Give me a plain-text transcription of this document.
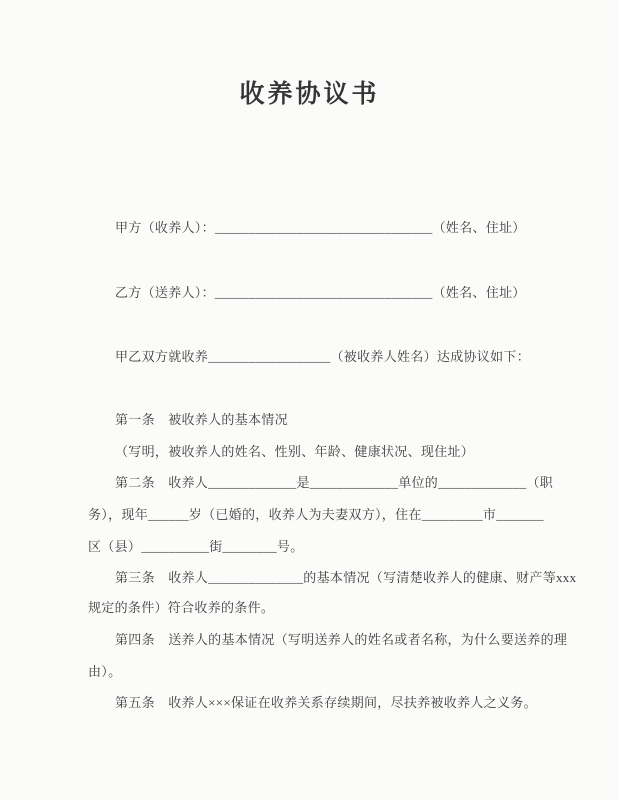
收养协议书

甲方（收养人）：________________________________（姓名、住址）

乙方（送养人）：________________________________（姓名、住址）

甲乙双方就收养__________________（被收养人姓名）达成协议如下：

第一条　被收养人的基本情况

（写明，被收养人的姓名、性别、年龄、健康状况、现住址）

第二条　收养人_____________是_____________单位的_____________（职

务），现年______岁（已婚的，收养人为夫妻双方），住在_________市_______

区（县）__________街________号。

第三条　收养人______________的基本情况（写清楚收养人的健康、财产等xxx

规定的条件）符合收养的条件。

第四条　送养人的基本情况（写明送养人的姓名或者名称，为什么要送养的理

由）。

第五条　收养人×××保证在收养关系存续期间，尽扶养被收养人之义务。
